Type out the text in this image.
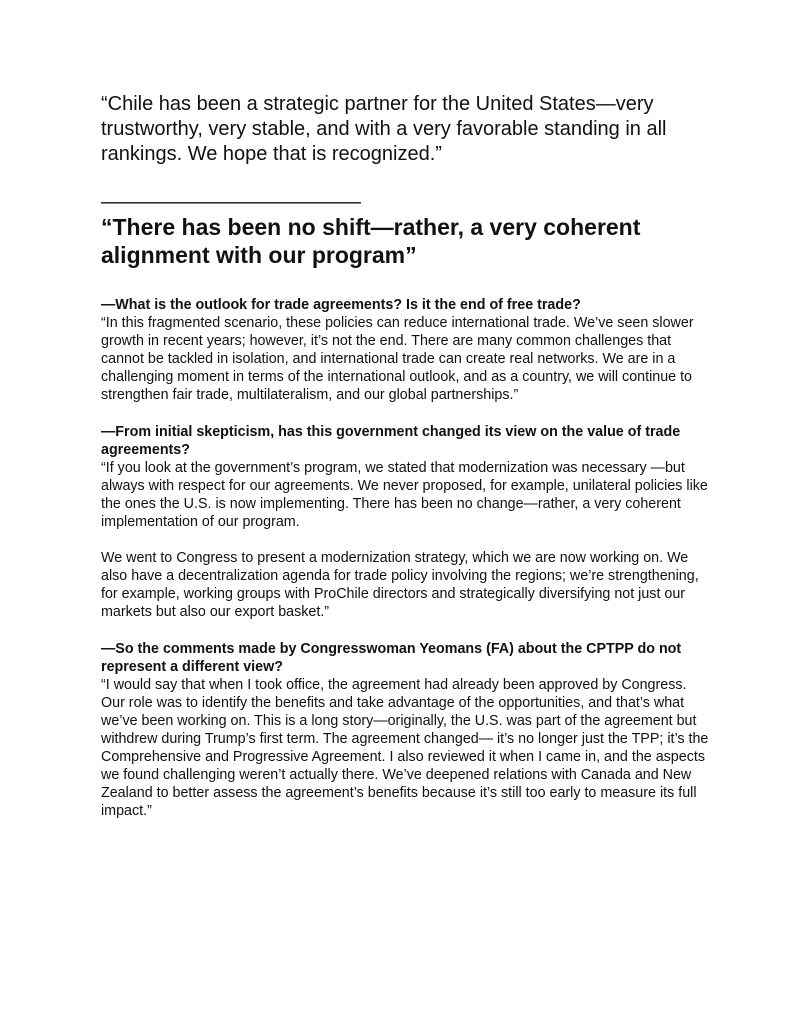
“Chile has been a strategic partner for the United States—very trustworthy, very stable, and with a very favorable standing in all rankings. We hope that is recognized.”

—————————————
“There has been no shift—rather, a very coherent alignment with our program”

—What is the outlook for trade agreements? Is it the end of free trade?

“In this fragmented scenario, these policies can reduce international trade. We’ve seen slower growth in recent years; however, it’s not the end. There are many common challenges that cannot be tackled in isolation, and international trade can create real networks. We are in a challenging moment in terms of the international outlook, and as a country, we will continue to strengthen fair trade, multilateralism, and our global partnerships.”

—From initial skepticism, has this government changed its view on the value of trade agreements?

“If you look at the government’s program, we stated that modernization was necessary —but always with respect for our agreements. We never proposed, for example, unilateral policies like the ones the U.S. is now implementing. There has been no change—rather, a very coherent implementation of our program.

We went to Congress to present a modernization strategy, which we are now working on. We also have a decentralization agenda for trade policy involving the regions; we’re strengthening, for example, working groups with ProChile directors and strategically diversifying not just our markets but also our export basket.”

—So the comments made by Congresswoman Yeomans (FA) about the CPTPP do not represent a different view?

“I would say that when I took office, the agreement had already been approved by Congress. Our role was to identify the benefits and take advantage of the opportunities, and that’s what we’ve been working on. This is a long story—originally, the U.S. was part of the agreement but withdrew during Trump’s first term. The agreement changed— it’s no longer just the TPP; it’s the Comprehensive and Progressive Agreement. I also reviewed it when I came in, and the aspects we found challenging weren’t actually there. We’ve deepened relations with Canada and New Zealand to better assess the agreement’s benefits because it’s still too early to measure its full impact.”
